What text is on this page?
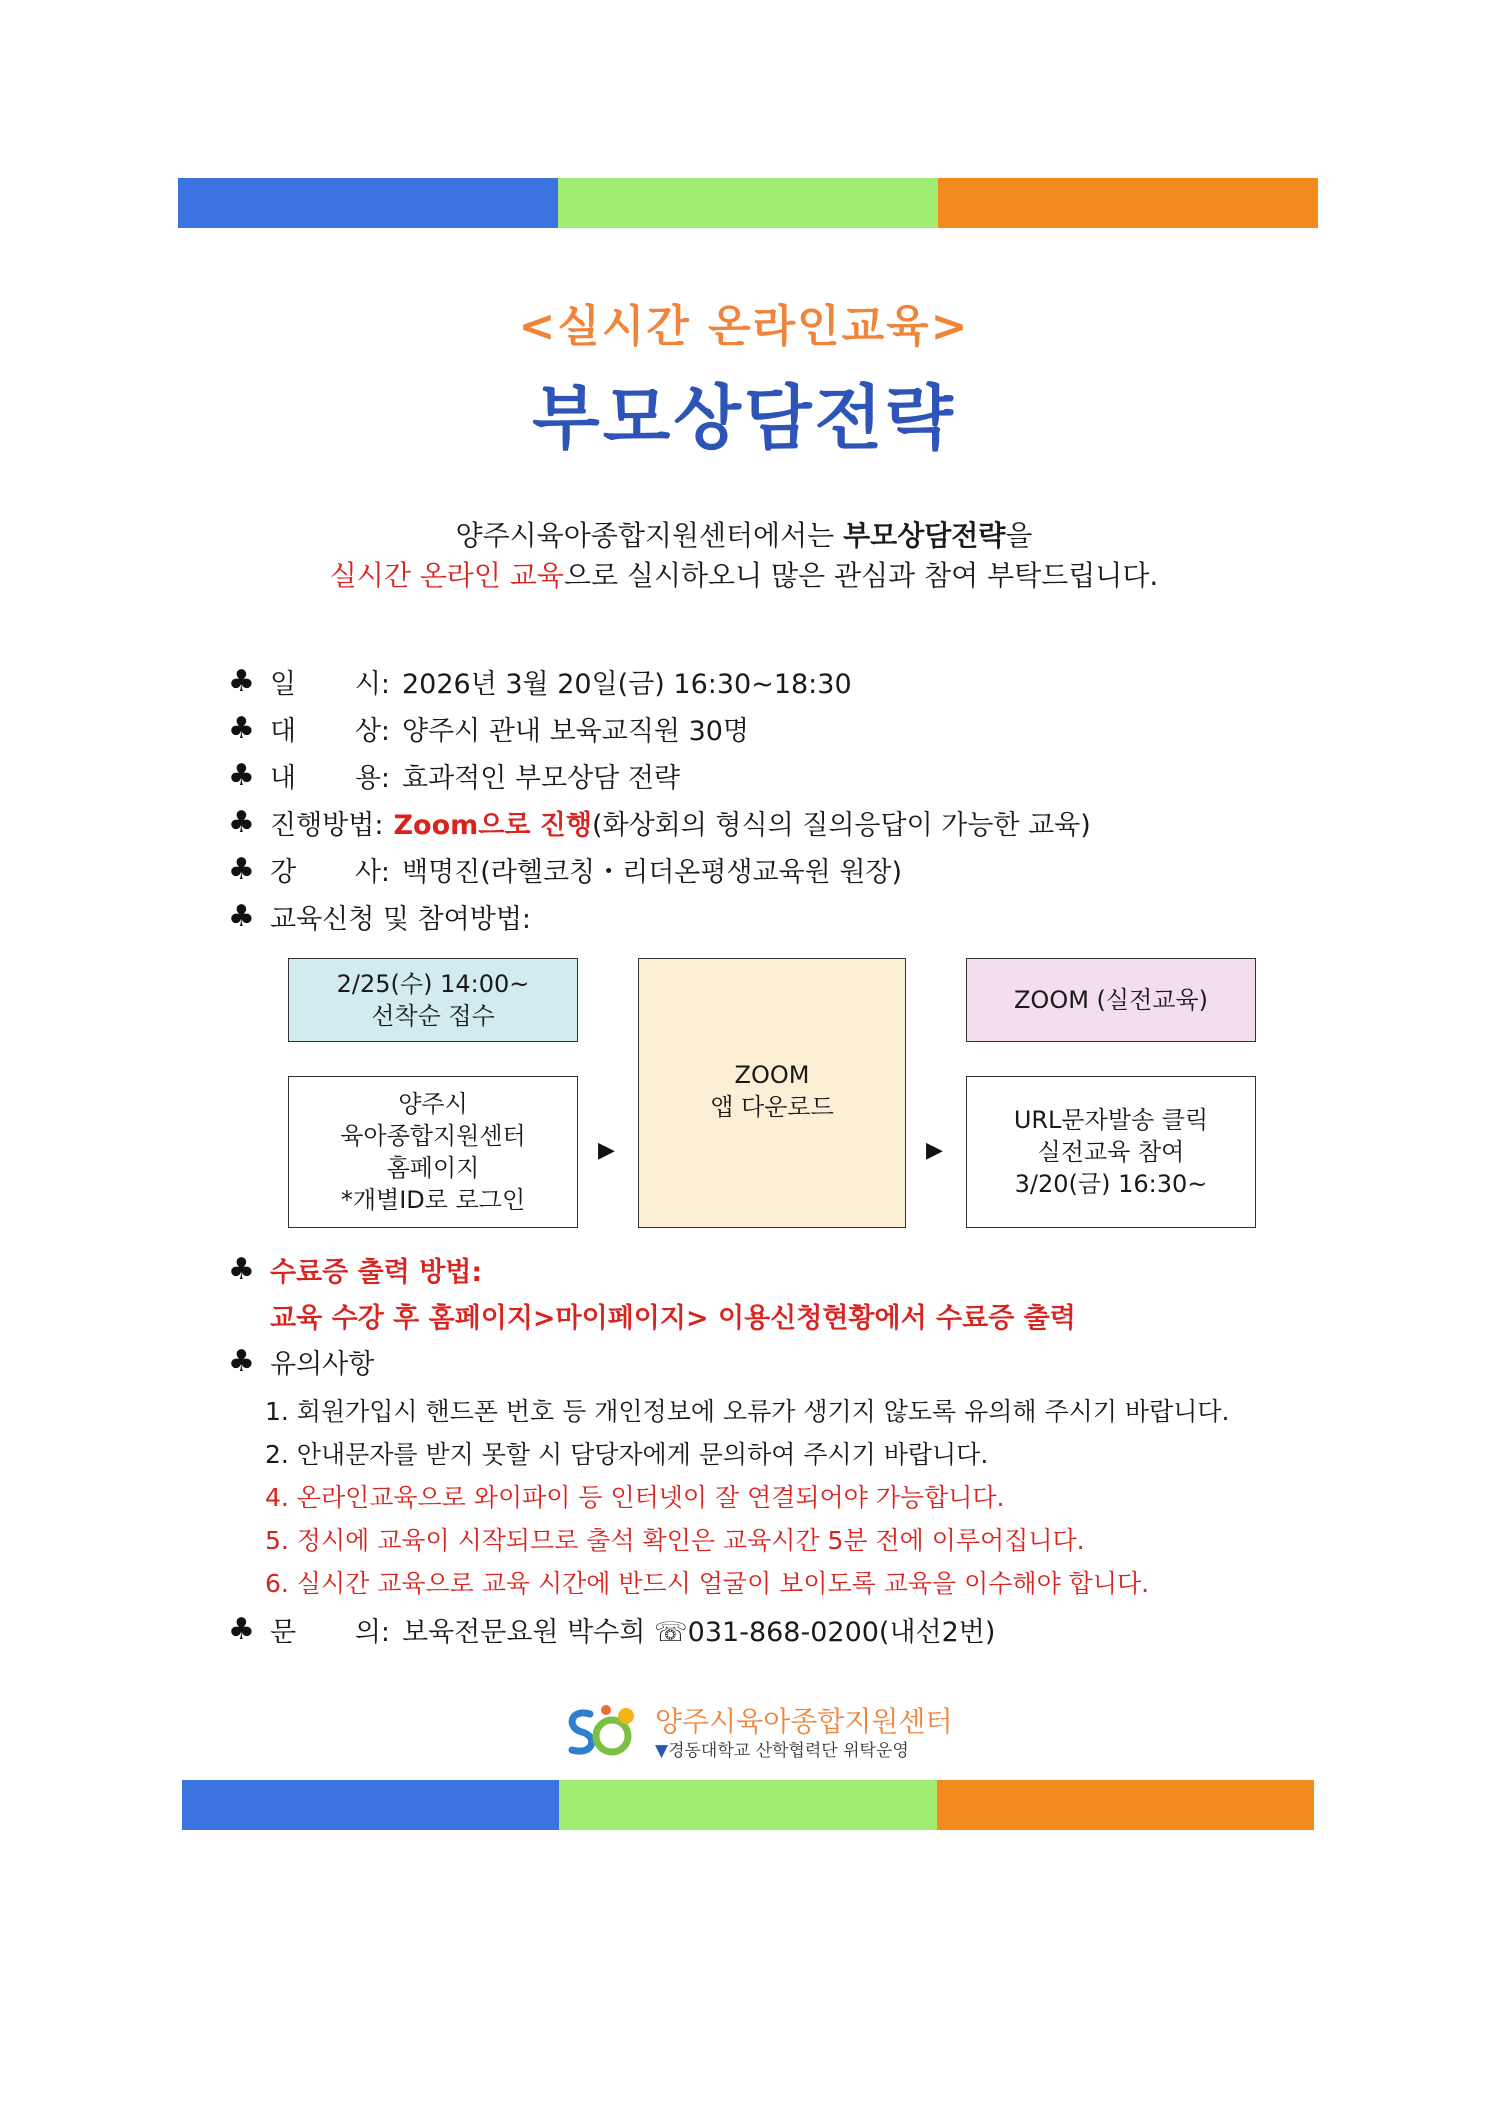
<실시간 온라인교육>
부모상담전략
양주시육아종합지원센터에서는 부모상담전략을
실시간 온라인 교육으로 실시하오니 많은 관심과 참여 부탁드립니다.
♣ 일 시: 2026년 3월 20일(금) 16:30~18:30
♣ 대 상: 양주시 관내 보육교직원 30명
♣ 내 용: 효과적인 부모상담 전략
♣ 진행방법: Zoom으로 진행 (화상회의 형식의 질의응답이 가능한 교육)
♣ 강 사: 백명진(라헬코칭・리더온평생교육원 원장)
♣ 교육신청 및 참여방법:
2/25(수) 14:00~
선착순 접수
양주시
육아종합지원센터
홈페이지
*개별ID로 로그인
▶
ZOOM
앱 다운로드
▶
ZOOM (실전교육)
URL문자발송 클릭
실전교육 참여
3/20(금) 16:30~
♣ 수료증 출력 방법:
교육 수강 후 홈페이지>마이페이지> 이용신청현황에서 수료증 출력
♣ 유의사항
1. 회원가입시 핸드폰 번호 등 개인정보에 오류가 생기지 않도록 유의해 주시기 바랍니다.
2. 안내문자를 받지 못할 시 담당자에게 문의하여 주시기 바랍니다.
4. 온라인교육으로 와이파이 등 인터넷이 잘 연결되어야 가능합니다.
5. 정시에 교육이 시작되므로 출석 확인은 교육시간 5분 전에 이루어집니다.
6. 실시간 교육으로 교육 시간에 반드시 얼굴이 보이도록 교육을 이수해야 합니다.
♣ 문 의: 보육전문요원 박수희 ☏031-868-0200(내선2번)
양주시육아종합지원센터
▼경동대학교 산학협력단 위탁운영
